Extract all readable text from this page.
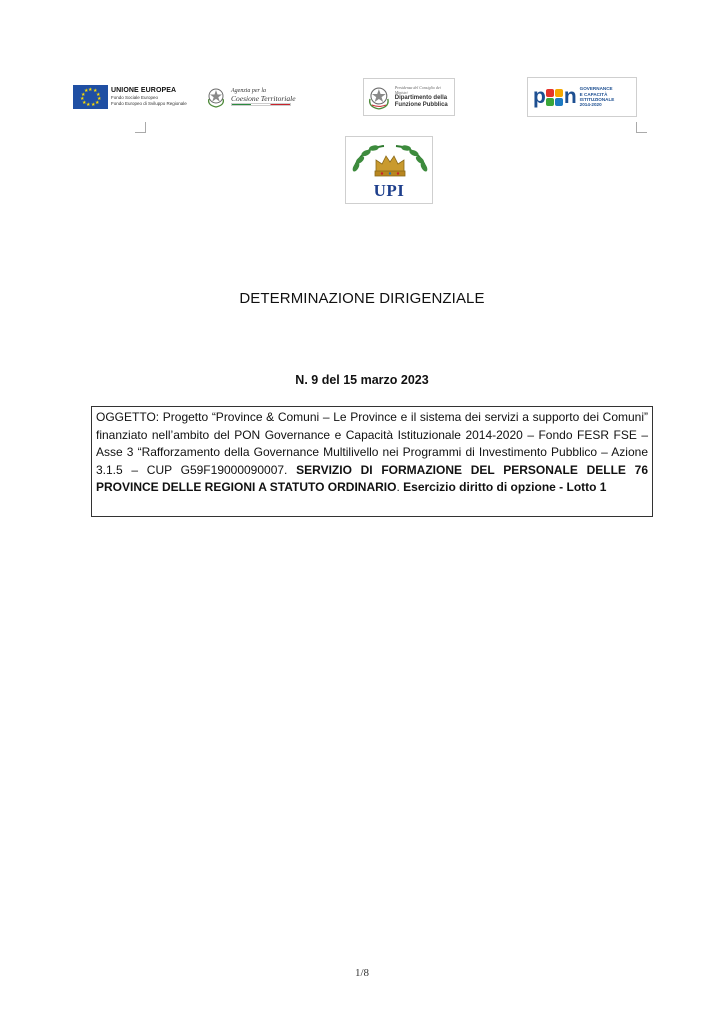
★ ★
★
★
★
★
★
★
★
★
★	UNIONE EUROPEA
Fondo Sociale Europeo
Fondo Europeo di Sviluppo Regionale
Agenzia per la
Coesione Territoriale
Presidenza del Consiglio dei Ministri
Dipartimento della
Funzione Pubblica	p n GOVERNANCE
E CAPACITÀ
ISTITUZIONALE
2014-2020
UPI
DETERMINAZIONE DIRIGENZIALE
N. 9 del 15 marzo 2023

OGGETTO: Progetto “Province & Comuni – Le Province e il sistema dei servizi a supporto dei Comuni” finanziato nell’ambito del PON Governance e Capacità Istituzionale 2014-2020 – Fondo FESR FSE – Asse 3 “Rafforzamento della Governance Multilivello nei Programmi di Investimento Pubblico – Azione 3.1.5 – CUP G59F19000090007. SERVIZIO DI FORMAZIONE DEL PERSONALE DELLE 76 PROVINCE DELLE REGIONI A STATUTO ORDINARIO. Esercizio diritto di opzione - Lotto 1

1/8
